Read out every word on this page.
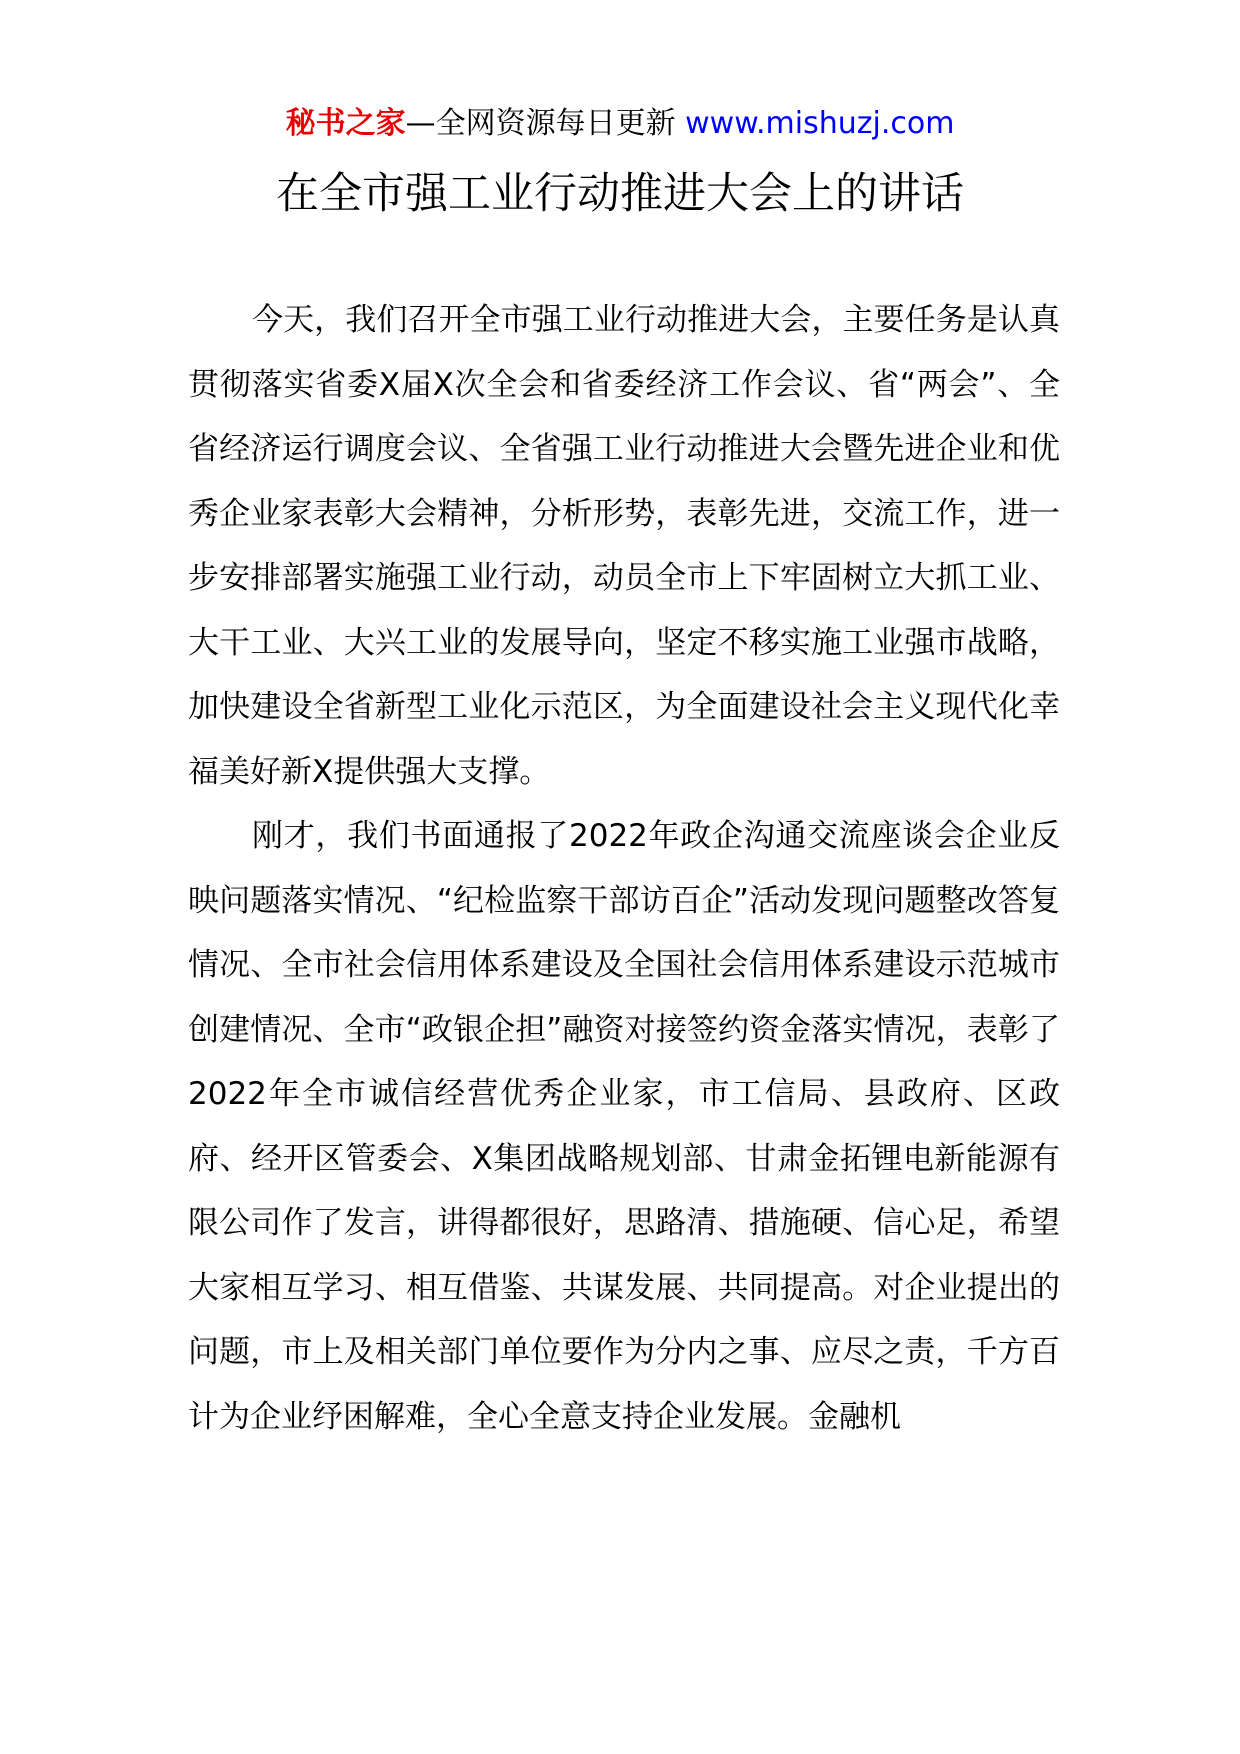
秘书之家—全网资源每日更新 www.mishuzj.com
在全市强工业行动推进大会上的讲话

今天，我们召开全市强工业行动推进大会，主要任务是认真贯彻落实省委X届X次全会和省委经济工作会议、省“两会”、全省经济运行调度会议、全省强工业行动推进大会暨先进企业和优秀企业家表彰大会精神，分析形势，表彰先进，交流工作，进一步安排部署实施强工业行动，动员全市上下牢固树立大抓工业、大干工业、大兴工业的发展导向，坚定不移实施工业强市战略，加快建设全省新型工业化示范区，为全面建设社会主义现代化幸福美好新X提供强大支撑。

刚才，我们书面通报了2022年政企沟通交流座谈会企业反映问题落实情况、“纪检监察干部访百企”活动发现问题整改答复情况、全市社会信用体系建设及全国社会信用体系建设示范城市创建情况、全市“政银企担”融资对接签约资金落实情况，表彰了2022年全市诚信经营优秀企业家，市工信局、县政府、区政府、经开区管委会、X集团战略规划部、甘肃金拓锂电新能源有限公司作了发言，讲得都很好，思路清、措施硬、信心足，希望大家相互学习、相互借鉴、共谋发展、共同提高。对企业提出的问题，市上及相关部门单位要作为分内之事、应尽之责，千方百计为企业纾困解难，全心全意支持企业发展。金融机
